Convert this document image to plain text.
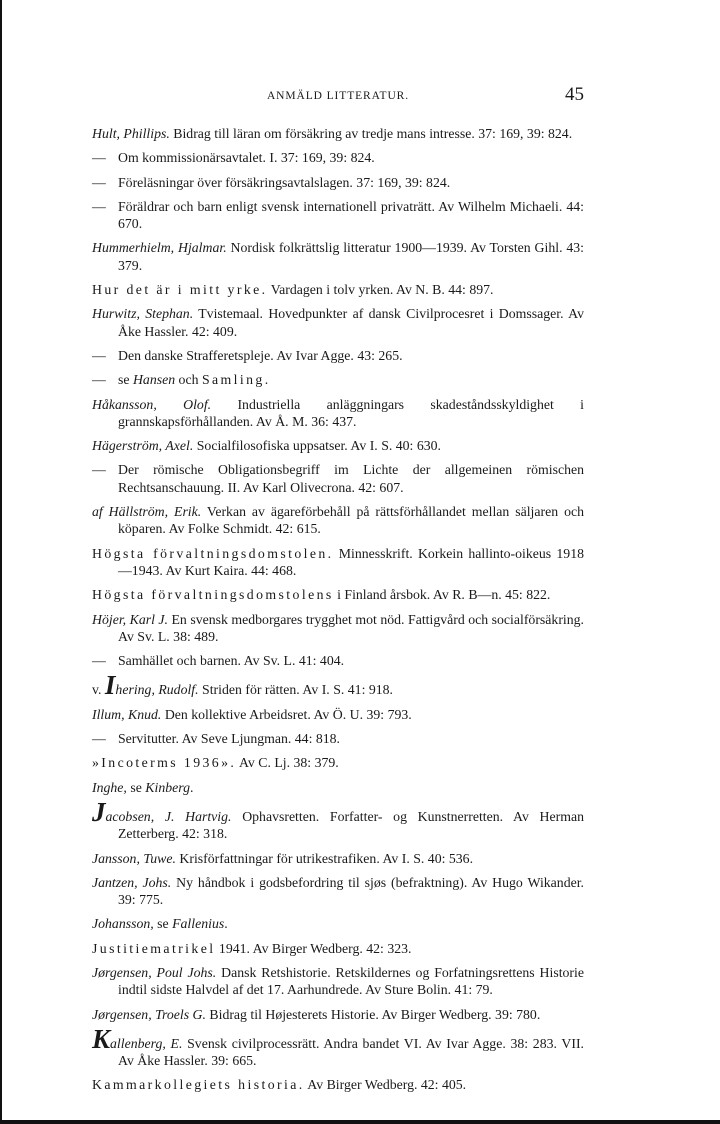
ANMÄLD LITTERATUR.	45
Hult, Phillips. Bidrag till läran om försäkring av tredje mans intresse. 37: 169, 39: 824.
— Om kommissionärsavtalet. I. 37: 169, 39: 824.
— Föreläsningar över försäkringsavtalslagen. 37: 169, 39: 824.
— Föräldrar och barn enligt svensk internationell privaträtt. Av Wilhelm Michaeli. 44: 670.
Hummerhielm, Hjalmar. Nordisk folkrättslig litteratur 1900—1939. Av Torsten Gihl. 43: 379.
Hur det är i mitt yrke. Vardagen i tolv yrken. Av N. B. 44: 897.
Hurwitz, Stephan. Tvistemaal. Hovedpunkter af dansk Civilprocesret i Domssager. Av Åke Hassler. 42: 409.
— Den danske Strafferetspleje. Av Ivar Agge. 43: 265.
— se Hansen och Samling.
Håkansson, Olof. Industriella anläggningars skadeståndsskyldighet i grannskapsförhållanden. Av Å. M. 36: 437.
Hägerström, Axel. Socialfilosofiska uppsatser. Av I. S. 40: 630.
— Der römische Obligationsbegriff im Lichte der allgemeinen römischen Rechtsanschauung. II. Av Karl Olivecrona. 42: 607.
af Hällström, Erik. Verkan av ägareförbehåll på rättsförhållandet mellan säljaren och köparen. Av Folke Schmidt. 42: 615.
Högsta förvaltningsdomstolen. Minnesskrift. Korkein hallinto-oikeus 1918—1943. Av Kurt Kaira. 44: 468.
Högsta förvaltningsdomstolens i Finland årsbok. Av R. B—n. 45: 822.
Höjer, Karl J. En svensk medborgares trygghet mot nöd. Fattigvård och socialförsäkring. Av Sv. L. 38: 489.
— Samhället och barnen. Av Sv. L. 41: 404.
v. Ihering, Rudolf. Striden för rätten. Av I. S. 41: 918.
Illum, Knud. Den kollektive Arbeidsret. Av Ö. U. 39: 793.
— Servitutter. Av Seve Ljungman. 44: 818.
»Incoterms 1936». Av C. Lj. 38: 379.
Inghe, se Kinberg.
Jacobsen, J. Hartvig. Ophavsretten. Forfatter- og Kunstnerretten. Av Herman Zetterberg. 42: 318.
Jansson, Tuwe. Krisförfattningar för utrikestrafiken. Av I. S. 40: 536.
Jantzen, Johs. Ny håndbok i godsbefordring til sjøs (befraktning). Av Hugo Wikander. 39: 775.
Johansson, se Fallenius.
Justitiematrikel 1941. Av Birger Wedberg. 42: 323.
Jørgensen, Poul Johs. Dansk Retshistorie. Retskildernes og Forfatningsrettens Historie indtil sidste Halvdel af det 17. Aarhundrede. Av Sture Bolin. 41: 79.
Jørgensen, Troels G. Bidrag til Højesterets Historie. Av Birger Wedberg. 39: 780.
Kallenberg, E. Svensk civilprocessrätt. Andra bandet VI. Av Ivar Agge. 38: 283. VII. Av Åke Hassler. 39: 665.
Kammarkollegiets historia. Av Birger Wedberg. 42: 405.
